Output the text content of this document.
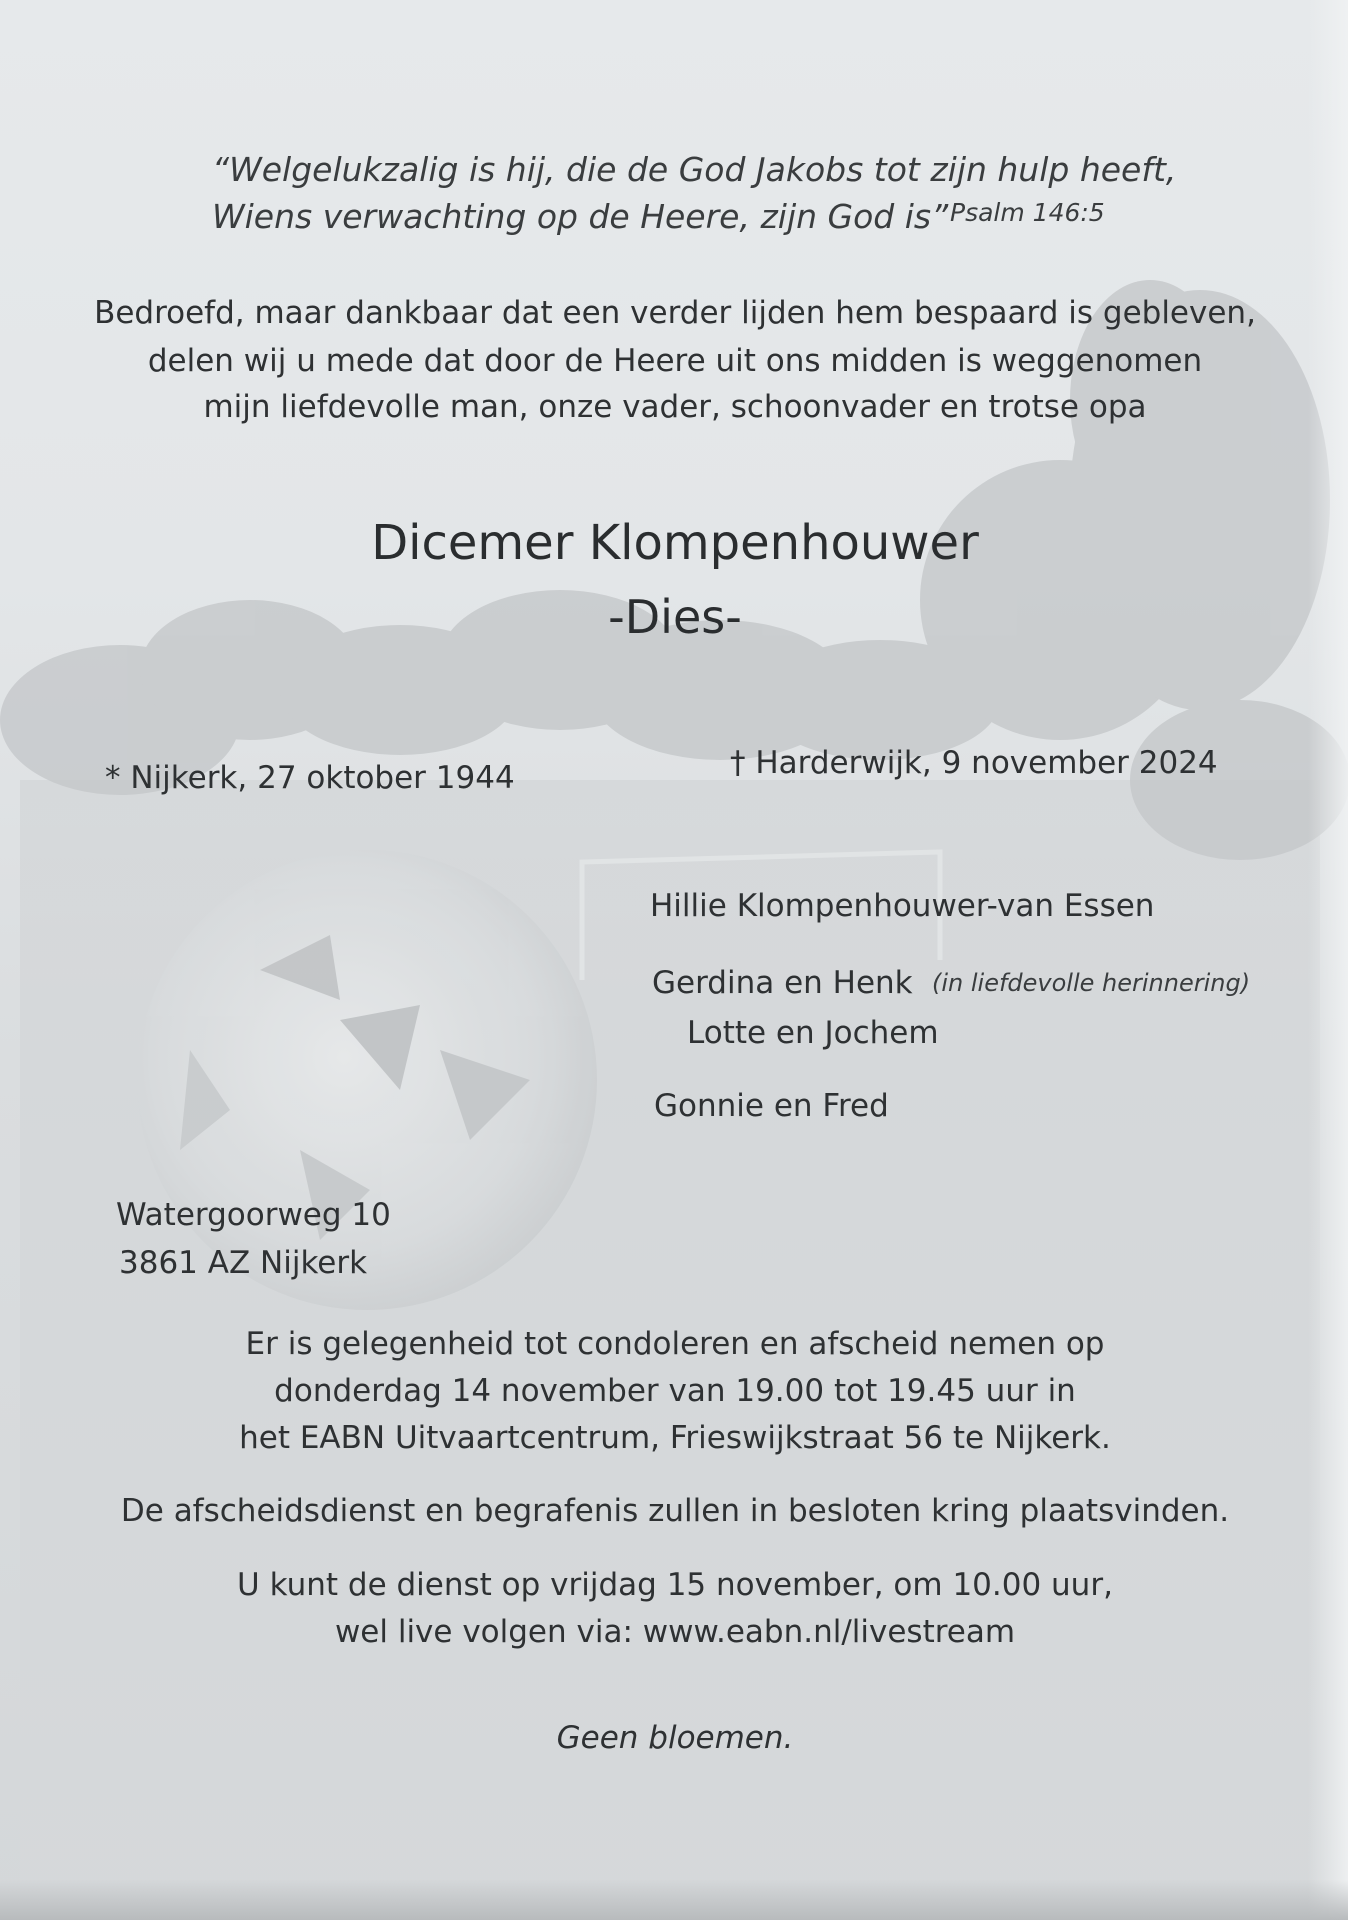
“Welgelukzalig is hij, die de God Jakobs tot zijn hulp heeft,

Wiens verwachting op de Heere, zijn God is” Psalm 146:5

Bedroefd, maar dankbaar dat een verder lijden hem bespaard is gebleven,

delen wij u mede dat door de Heere uit ons midden is weggenomen

mijn liefdevolle man, onze vader, schoonvader en trotse opa

Dicemer Klompenhouwer

-Dies-

* Nijkerk, 27 oktober 1944	† Harderwijk, 9 november 2024

Hillie Klompenhouwer-van Essen

Gerdina en Henk (in liefdevolle herinnering)

Lotte en Jochem

Gonnie en Fred

Watergoorweg 10

3861 AZ Nijkerk

Er is gelegenheid tot condoleren en afscheid nemen op

donderdag 14 november van 19.00 tot 19.45 uur in

het EABN Uitvaartcentrum, Frieswijkstraat 56 te Nijkerk.

De afscheidsdienst en begrafenis zullen in besloten kring plaatsvinden.

U kunt de dienst op vrijdag 15 november, om 10.00 uur,

wel live volgen via: www.eabn.nl/livestream

Geen bloemen.
